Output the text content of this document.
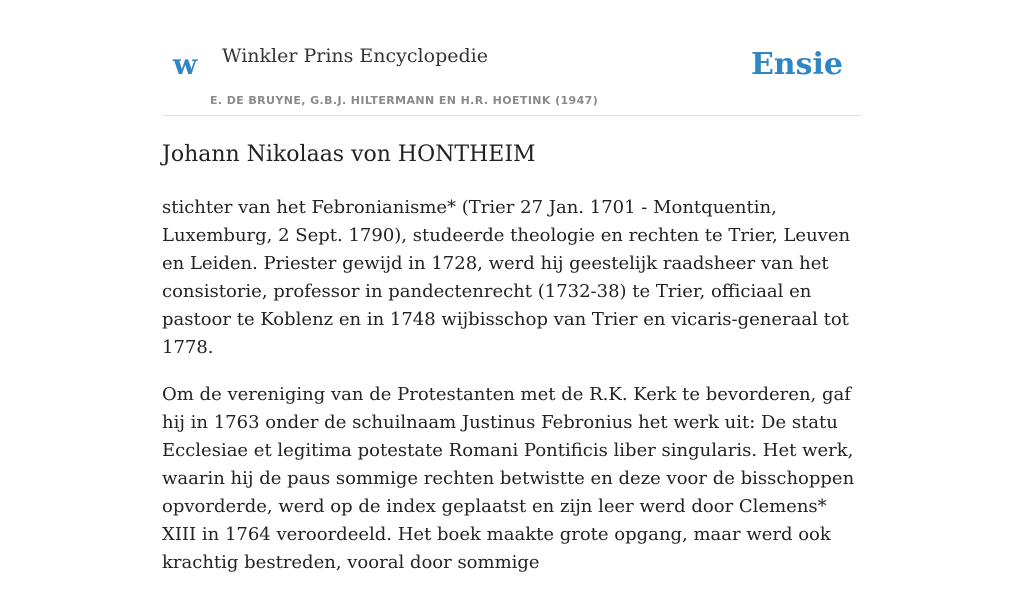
w Winkler Prins Encyclopedie
E. DE BRUYNE, G.B.J. HILTERMANN EN H.R. HOETINK (1947)
Ensie
Johann Nikolaas von HONTHEIM

stichter van het Febronianisme* (Trier 27 Jan. 1701 - Montquentin, Luxemburg, 2 Sept. 1790), studeerde theologie en rechten te Trier, Leuven en Leiden. Priester gewijd in 1728, werd hij geestelijk raadsheer van het consistorie, professor in pandectenrecht (1732-38) te Trier, officiaal en pastoor te Koblenz en in 1748 wijbisschop van Trier en vicaris-generaal tot 1778.

Om de vereniging van de Protestanten met de R.K. Kerk te bevorderen, gaf hij in 1763 onder de schuilnaam Justinus Febronius het werk uit: De statu Ecclesiae et legitima potestate Romani Pontificis liber singularis. Het werk, waarin hij de paus sommige rechten betwistte en deze voor de bisschoppen opvorderde, werd op de index geplaatst en zijn leer werd door Clemens* XIII in 1764 veroordeeld. Het boek maakte grote opgang, maar werd ook krachtig bestreden, vooral door sommige
